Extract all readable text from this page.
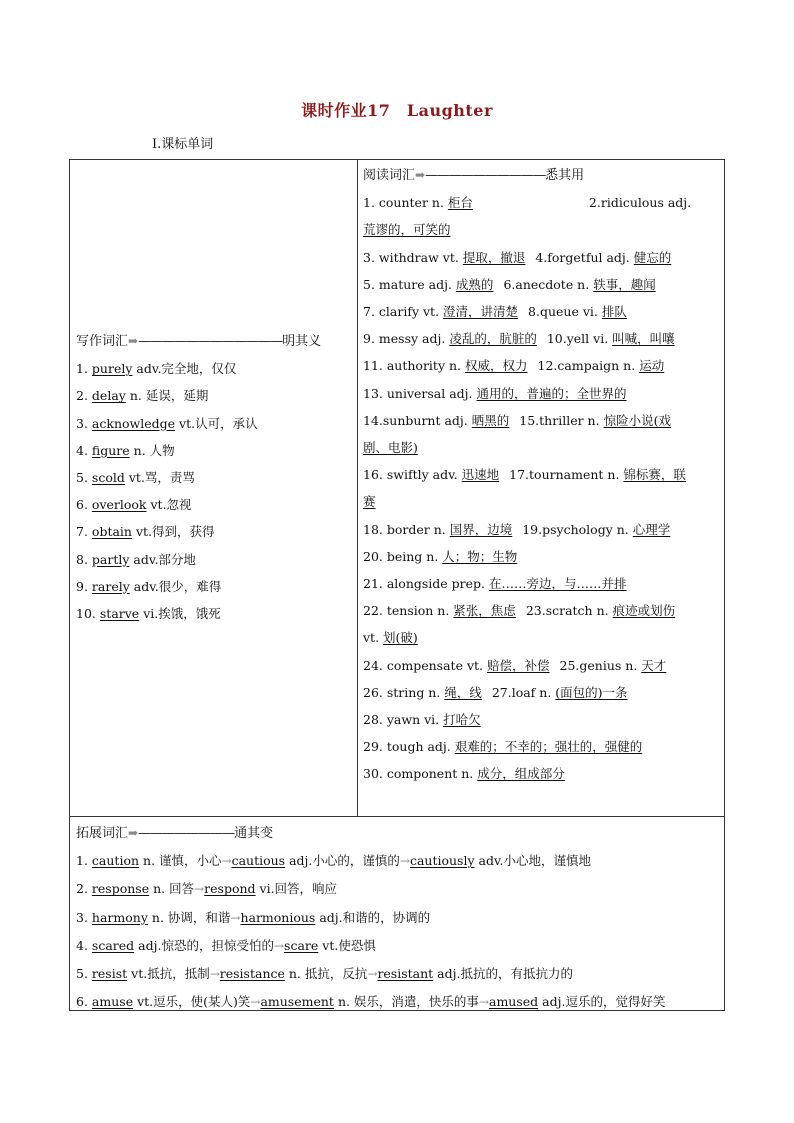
课时作业17　Laughter
Ⅰ.课标单词
写作词汇➡————————————明其义
1. purely adv.完全地，仅仅
2. delay n. 延误，延期
3. acknowledge vt.认可，承认
4. figure n. 人物
5. scold vt.骂，责骂
6. overlook vt.忽视
7. obtain vt.得到，获得
8. partly adv.部分地
9. rarely adv.很少，难得
10. starve vi.挨饿，饿死
阅读词汇➡——————————悉其用
1. counter n. 柜台	2.ridiculous adj.
荒谬的，可笑的
3. withdraw vt. 提取，撤退 4.forgetful adj. 健忘的
5. mature adj. 成熟的 6.anecdote n. 轶事，趣闻
7. clarify vt. 澄清，讲清楚 8.queue vi. 排队
9. messy adj. 凌乱的，肮脏的 10.yell vi. 叫喊，叫嚷
11. authority n. 权威，权力 12.campaign n. 运动
13. universal adj. 通用的，普遍的；全世界的
14.sunburnt adj. 晒黑的 15.thriller n. 惊险小说(戏
剧、电影)
16. swiftly adv. 迅速地 17.tournament n. 锦标赛，联
赛
18. border n. 国界，边境 19.psychology n. 心理学
20. being n. 人；物；生物
21. alongside prep. 在……旁边，与……并排
22. tension n. 紧张，焦虑 23.scratch n. 痕迹或划伤
vt. 划(破)
24. compensate vt. 赔偿，补偿 25.genius n. 天才
26. string n. 绳，线 27.loaf n. (面包的)一条
28. yawn vi. 打哈欠
29. tough adj. 艰难的；不幸的；强壮的，强健的
30. component n. 成分，组成部分
拓展词汇➡————————通其变
1. caution n. 谨慎，小心→cautious adj.小心的，谨慎的→cautiously adv.小心地，谨慎地
2. response n. 回答→respond vi.回答，响应
3. harmony n. 协调，和谐→harmonious adj.和谐的，协调的
4. scared adj.惊恐的，担惊受怕的→scare vt.使恐惧
5. resist vt.抵抗，抵制→resistance n. 抵抗，反抗→resistant adj.抵抗的，有抵抗力的
6. amuse vt.逗乐，使(某人)笑→amusement n. 娱乐，消遣，快乐的事→amused adj.逗乐的，觉得好笑
